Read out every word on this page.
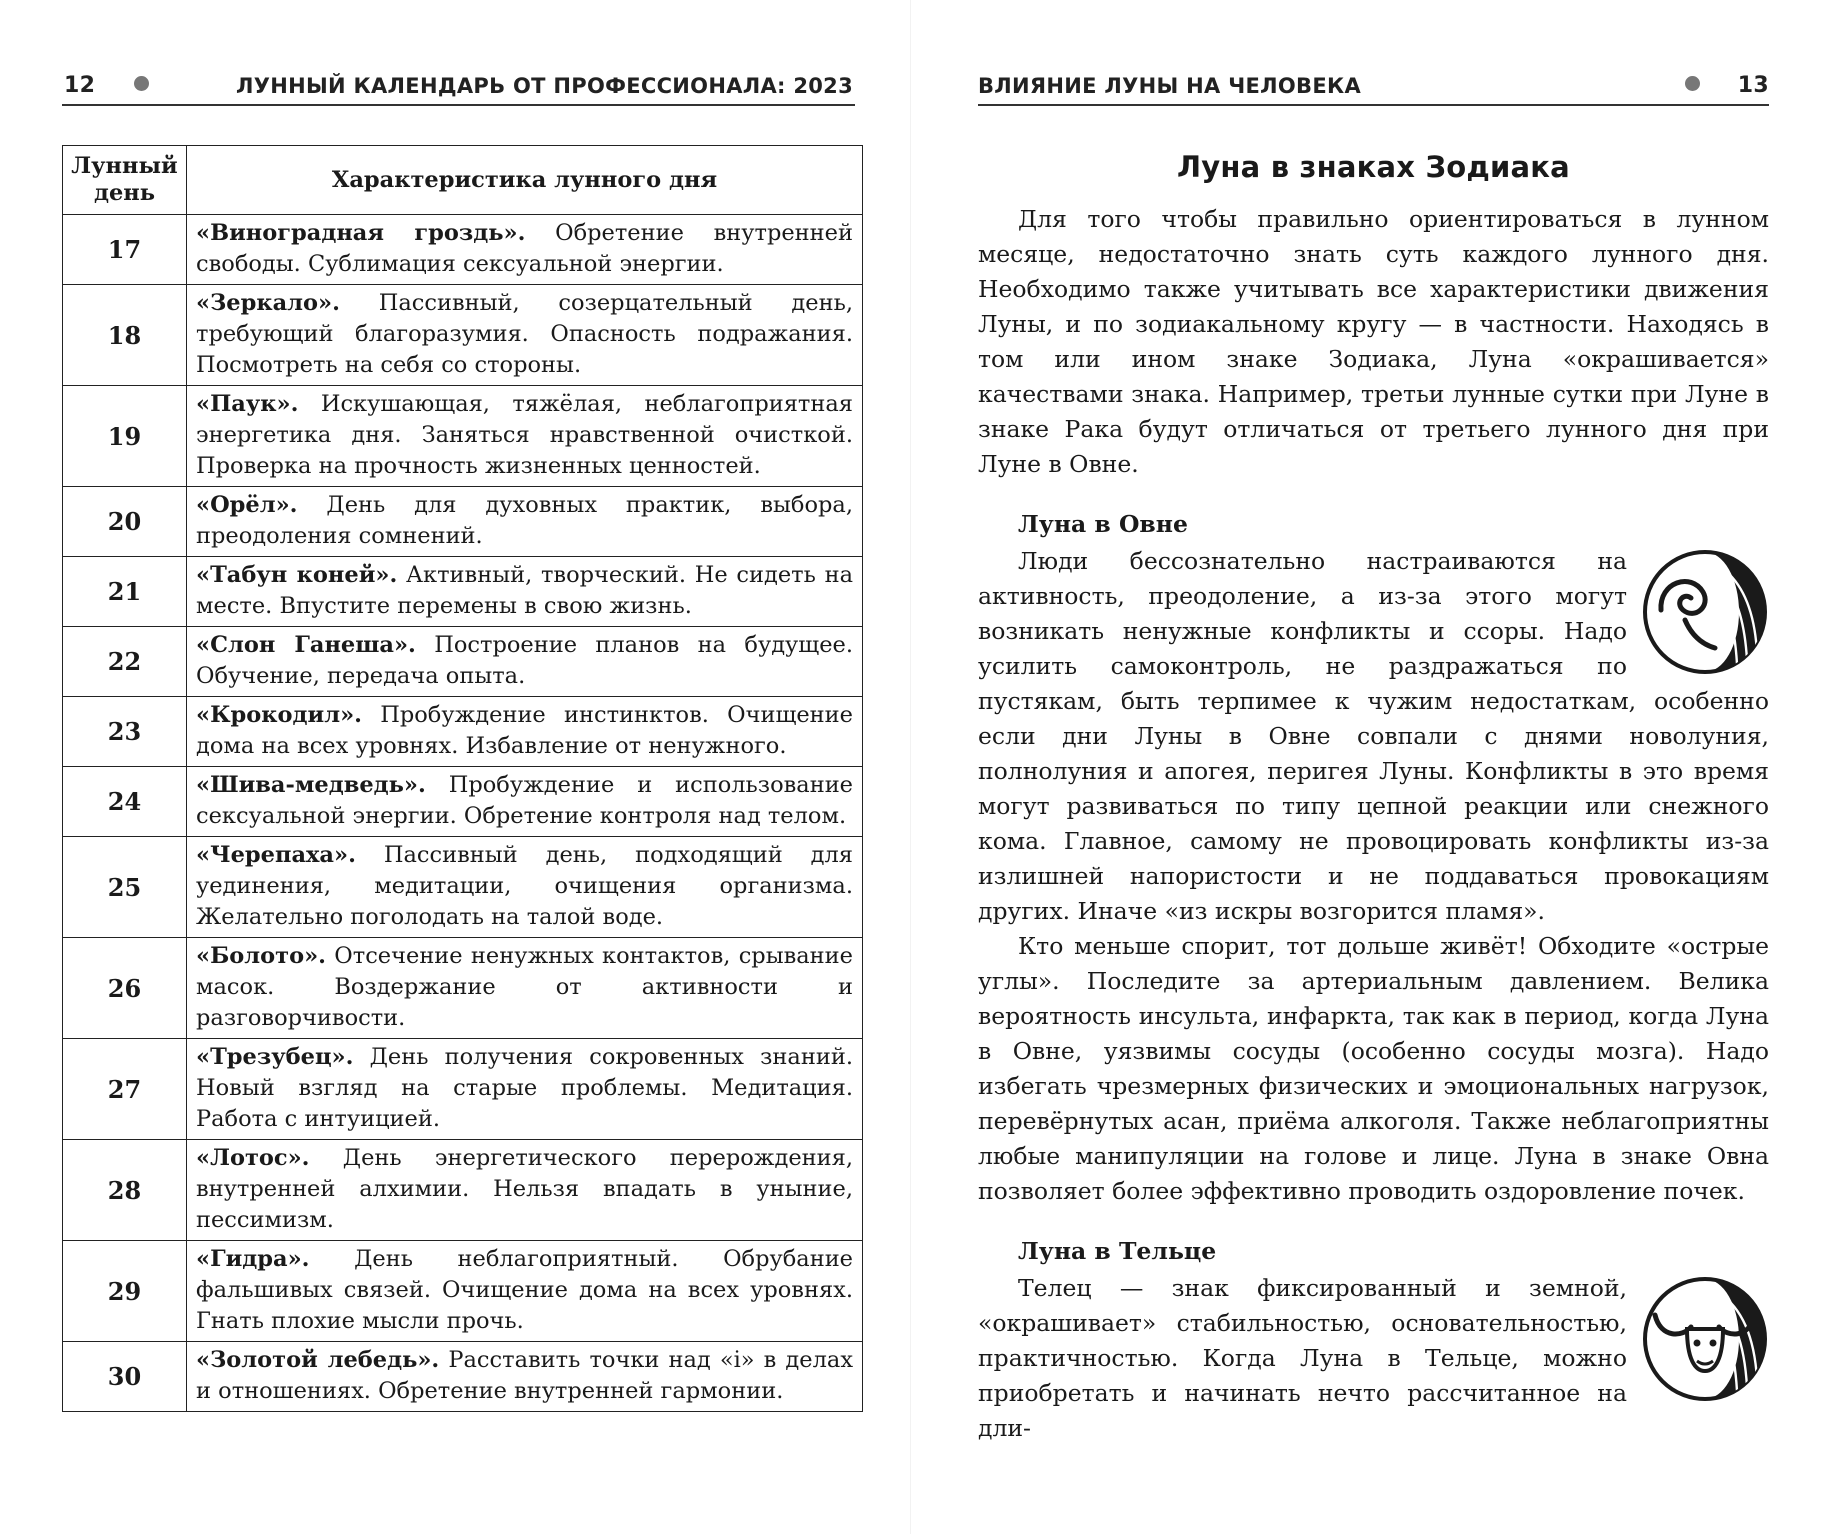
12	ЛУННЫЙ КАЛЕНДАРЬ ОТ ПРОФЕССИОНАЛА: 2023
Лунный день	Характеристика лунного дня
17	«Виноградная гроздь». Обретение внутренней свободы. Сублимация сексуальной энергии.
18	«Зеркало». Пассивный, созерцательный день, требующий благоразумия. Опасность подражания. Посмотреть на себя со стороны.
19	«Паук». Искушающая, тяжёлая, неблагоприятная энергетика дня. Заняться нравственной очисткой. Проверка на прочность жизненных ценностей.
20	«Орёл». День для духовных практик, выбора, преодоления сомнений.
21	«Табун коней». Активный, творческий. Не сидеть на месте. Впустите перемены в свою жизнь.
22	«Слон Ганеша». Построение планов на будущее. Обучение, передача опыта.
23	«Крокодил». Пробуждение инстинктов. Очищение дома на всех уровнях. Избавление от ненужного.
24	«Шива-медведь». Пробуждение и использование сексуальной энергии. Обретение контроля над телом.
25	«Черепаха». Пассивный день, подходящий для уединения, медитации, очищения организма. Желательно поголодать на талой воде.
26	«Болото». Отсечение ненужных контактов, срывание масок. Воздержание от активности и разговорчивости.
27	«Трезубец». День получения сокровенных знаний. Новый взгляд на старые проблемы. Медитация. Работа с интуицией.
28	«Лотос». День энергетического перерождения, внутренней алхимии. Нельзя впадать в уныние, пессимизм.
29	«Гидра». День неблагоприятный. Обрубание фальшивых связей. Очищение дома на всех уровнях. Гнать плохие мысли прочь.
30	«Золотой лебедь». Расставить точки над «i» в делах и отношениях. Обретение внутренней гармонии.
ВЛИЯНИЕ ЛУНЫ НА ЧЕЛОВЕКА	13
Луна в знаках Зодиака

Для того чтобы правильно ориентироваться в лунном месяце, недостаточно знать суть каждого лунного дня. Необходимо также учитывать все характеристики движения Луны, и по зодиакальному кругу — в частности. Находясь в том или ином знаке Зодиака, Луна «окрашивается» качествами знака. Например, третьи лунные сутки при Луне в знаке Рака будут отличаться от третьего лунного дня при Луне в Овне.

Луна в Овне

Люди бессознательно настраиваются на активность, преодоление, а из-за этого могут возникать ненужные конфликты и ссоры. Надо усилить самоконтроль, не раздражаться по пустякам, быть терпимее к чужим недостаткам, особенно если дни Луны в Овне совпали с днями новолуния, полнолуния и апогея, перигея Луны. Конфликты в это время могут развиваться по типу цепной реакции или снежного кома. Главное, самому не провоцировать конфликты из-за излишней напористости и не поддаваться провокациям других. Иначе «из искры возгорится пламя».

Кто меньше спорит, тот дольше живёт! Обходите «острые углы». Последите за артериальным давлением. Велика вероятность инсульта, инфаркта, так как в период, когда Луна в Овне, уязвимы сосуды (особенно сосуды мозга). Надо избегать чрезмерных физических и эмоциональных нагрузок, перевёрнутых асан, приёма алкоголя. Также неблагоприятны любые манипуляции на голове и лице. Луна в знаке Овна позволяет более эффективно проводить оздоровление почек.

Луна в Тельце

Телец — знак фиксированный и земной, «окрашивает» стабильностью, основательностью, практичностью. Когда Луна в Тельце, можно приобретать и начинать нечто рассчитанное на дли-
